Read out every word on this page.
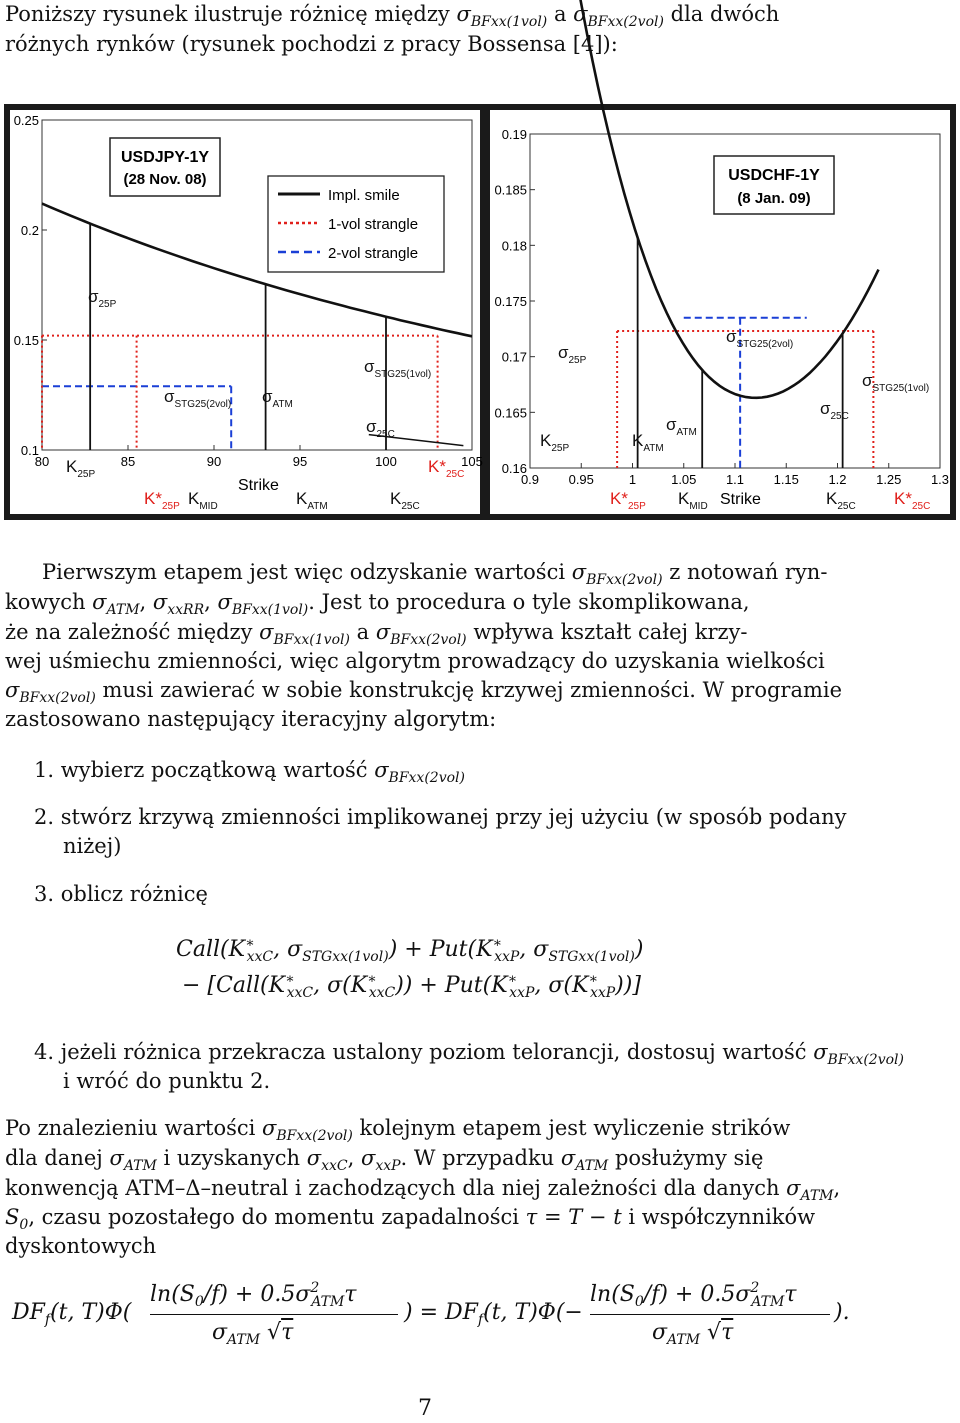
Poniższy rysunek ilustruje różnicę między $\sigma_{BFxx(1vol)}$ a $\sigma_{BFxx(2vol)}$ dla dwóch
różnych rynków (rysunek pochodzi z pracy Bossensa [4]):
0.25
0.2
0.15
0.1
80	85	90	95	100	105
USDJPY-1Y
(28 Nov. 08)
Impl. smile
1-vol strangle
2-vol strangle
$\sigma_{25P}$
$\sigma_{STG25(2vol)}$ $\sigma_{ATM}$
$\sigma_{STG25(1vol)}$
$\sigma_{25C}$
$K_{25P}$
$K*_{25P}$ $K_{MID}$
Strike
$K_{ATM}$	$K_{25C}$
$K*_{25C}$
0.19
0.185
0.18
0.175
0.17
0.165
0.16
0.9 0.95	1	1.05 1.1 1.15 1.2 1.25 1.3
USDCHF-1Y
(8 Jan. 09)
$\sigma_{25P}$
$\sigma_{STG25(2vol)}$
$\sigma_{STG25(1vol)}$
$\sigma_{25C}$
$\sigma_{ATM}$
$K_{ATM}$
$K_{25P}$
$K*_{25P}$ $K_{MID}$ Strike	$K_{25C}$ $K*_{25C}$
Pierwszym etapem jest więc odzyskanie wartości $\sigma_{BFxx(2vol)}$ z notowań ryn-
kowych $\sigma_{ATM}$, $\sigma_{xxRR}$, $\sigma_{BFxx(1vol)}$. Jest to procedura o tyle skomplikowana,
że na zależność między $\sigma_{BFxx(1vol)}$ a $\sigma_{BFxx(2vol)}$ wpływa kształt całej krzy-
wej uśmiechu zmienności, więc algorytm prowadzący do uzyskania wielkości
$\sigma_{BFxx(2vol)}$ musi zawierać w sobie konstrukcję krzywej zmienności. W programie
zastosowano następujący iteracyjny algorytm:
1. wybierz początkową wartość $\sigma_{BFxx(2vol)}$
2. stwórz krzywą zmienności implikowanej przy jej użyciu (w sposób podany
niżej)
3. oblicz różnicę
$Call(K^∗_{xxC}$, $\sigma_{STGxx(1vol)}) + Put(K^∗_{xxP}$, $\sigma_{STGxx(1vol)}$)
− [$Call(K^∗_{xxC}$, $\sigma(K^∗_{xxC})) + Put(K^∗_{xxP}$, $\sigma(K^∗_{xxP})$)]
4. jeżeli różnica przekracza ustalony poziom telorancji, dostosuj wartość $\sigma_{BFxx(2vol)}$
i wróć do punktu 2.
Po znalezieniu wartości $\sigma_{BFxx(2vol)}$ kolejnym etapem jest wyliczenie strików
dla danej $\sigma_{ATM}$ i uzyskanych $\sigma_{xxC}$, $\sigma_{xxP}$. W przypadku $\sigma_{ATM}$ posłużymy się
konwencją ATM–Δ–neutral i zachodzących dla niej zależności dla danych $\sigma_{ATM}$,
$S_0$, czasu pozostałego do momentu zapadalności τ = T − t i współczynników
dyskontowych
$DF_f(t$, T)Φ(
$\ln(S_0/f) + 0.5\sigma^2_{ATM}\tau$
$\sigma_{ATM}$ √τ
) = $DF_f(t$, T)Φ(−
$\ln(S_0/f) + 0.5\sigma^2_{ATM}\tau$
$\sigma_{ATM}$ √τ
).
7
